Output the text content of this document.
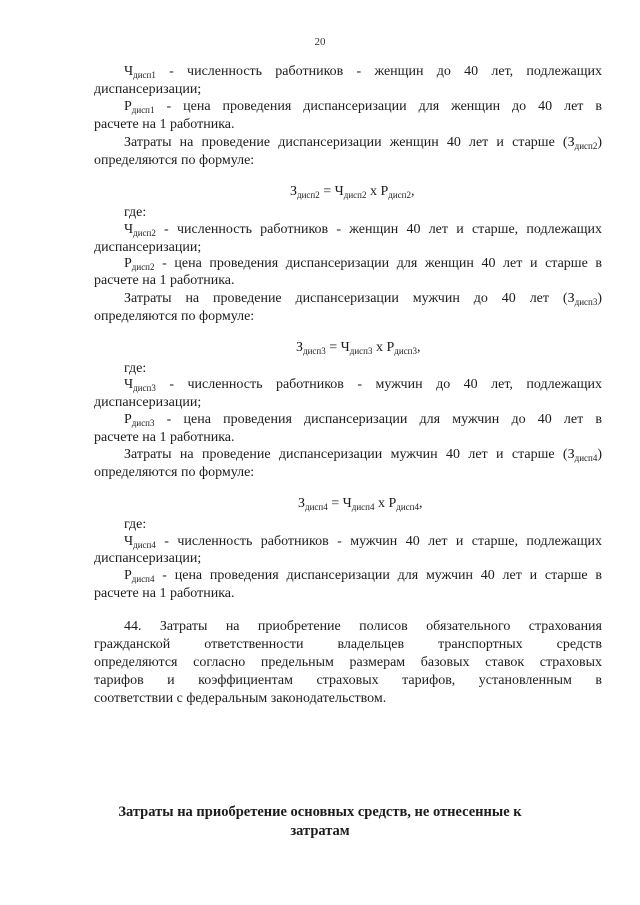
20
$Ч_{дисп1}$ - численность работников - женщин до 40 лет, подлежащих
диспансеризации;
$Р_{дисп1}$ - цена проведения диспансеризации для женщин до 40 лет в
расчете на 1 работника.
Затраты на проведение диспансеризации женщин 40 лет и старше $(З_{дисп2})$
определяются по формуле:
$З_{дисп2} = Ч_{дисп2}$ х $Р_{дисп2}$,
где:
$Ч_{дисп2}$ - численность работников - женщин 40 лет и старше, подлежащих
диспансеризации;
$Р_{дисп2}$ - цена проведения диспансеризации для женщин 40 лет и старше в
расчете на 1 работника.
Затраты на проведение диспансеризации мужчин до 40 лет $(З_{дисп3})$
определяются по формуле:
$З_{дисп3} = Ч_{дисп3}$ х $Р_{дисп3}$,
где:
$Ч_{дисп3}$ - численность работников - мужчин до 40 лет, подлежащих
диспансеризации;
$Р_{дисп3}$ - цена проведения диспансеризации для мужчин до 40 лет в
расчете на 1 работника.
Затраты на проведение диспансеризации мужчин 40 лет и старше $(З_{дисп4})$
определяются по формуле:
$З_{дисп4} = Ч_{дисп4}$ х $Р_{дисп4}$,
где:
$Ч_{дисп4}$ - численность работников - мужчин 40 лет и старше, подлежащих
диспансеризации;
$Р_{дисп4}$ - цена проведения диспансеризации для мужчин 40 лет и старше в
расчете на 1 работника.
44. Затраты на приобретение полисов обязательного страхования
гражданской ответственности владельцев транспортных средств
определяются согласно предельным размерам базовых ставок страховых
тарифов и коэффициентам страховых тарифов, установленным в
соответствии с федеральным законодательством.
Затраты на приобретение основных средств, не отнесенные к
затратам
